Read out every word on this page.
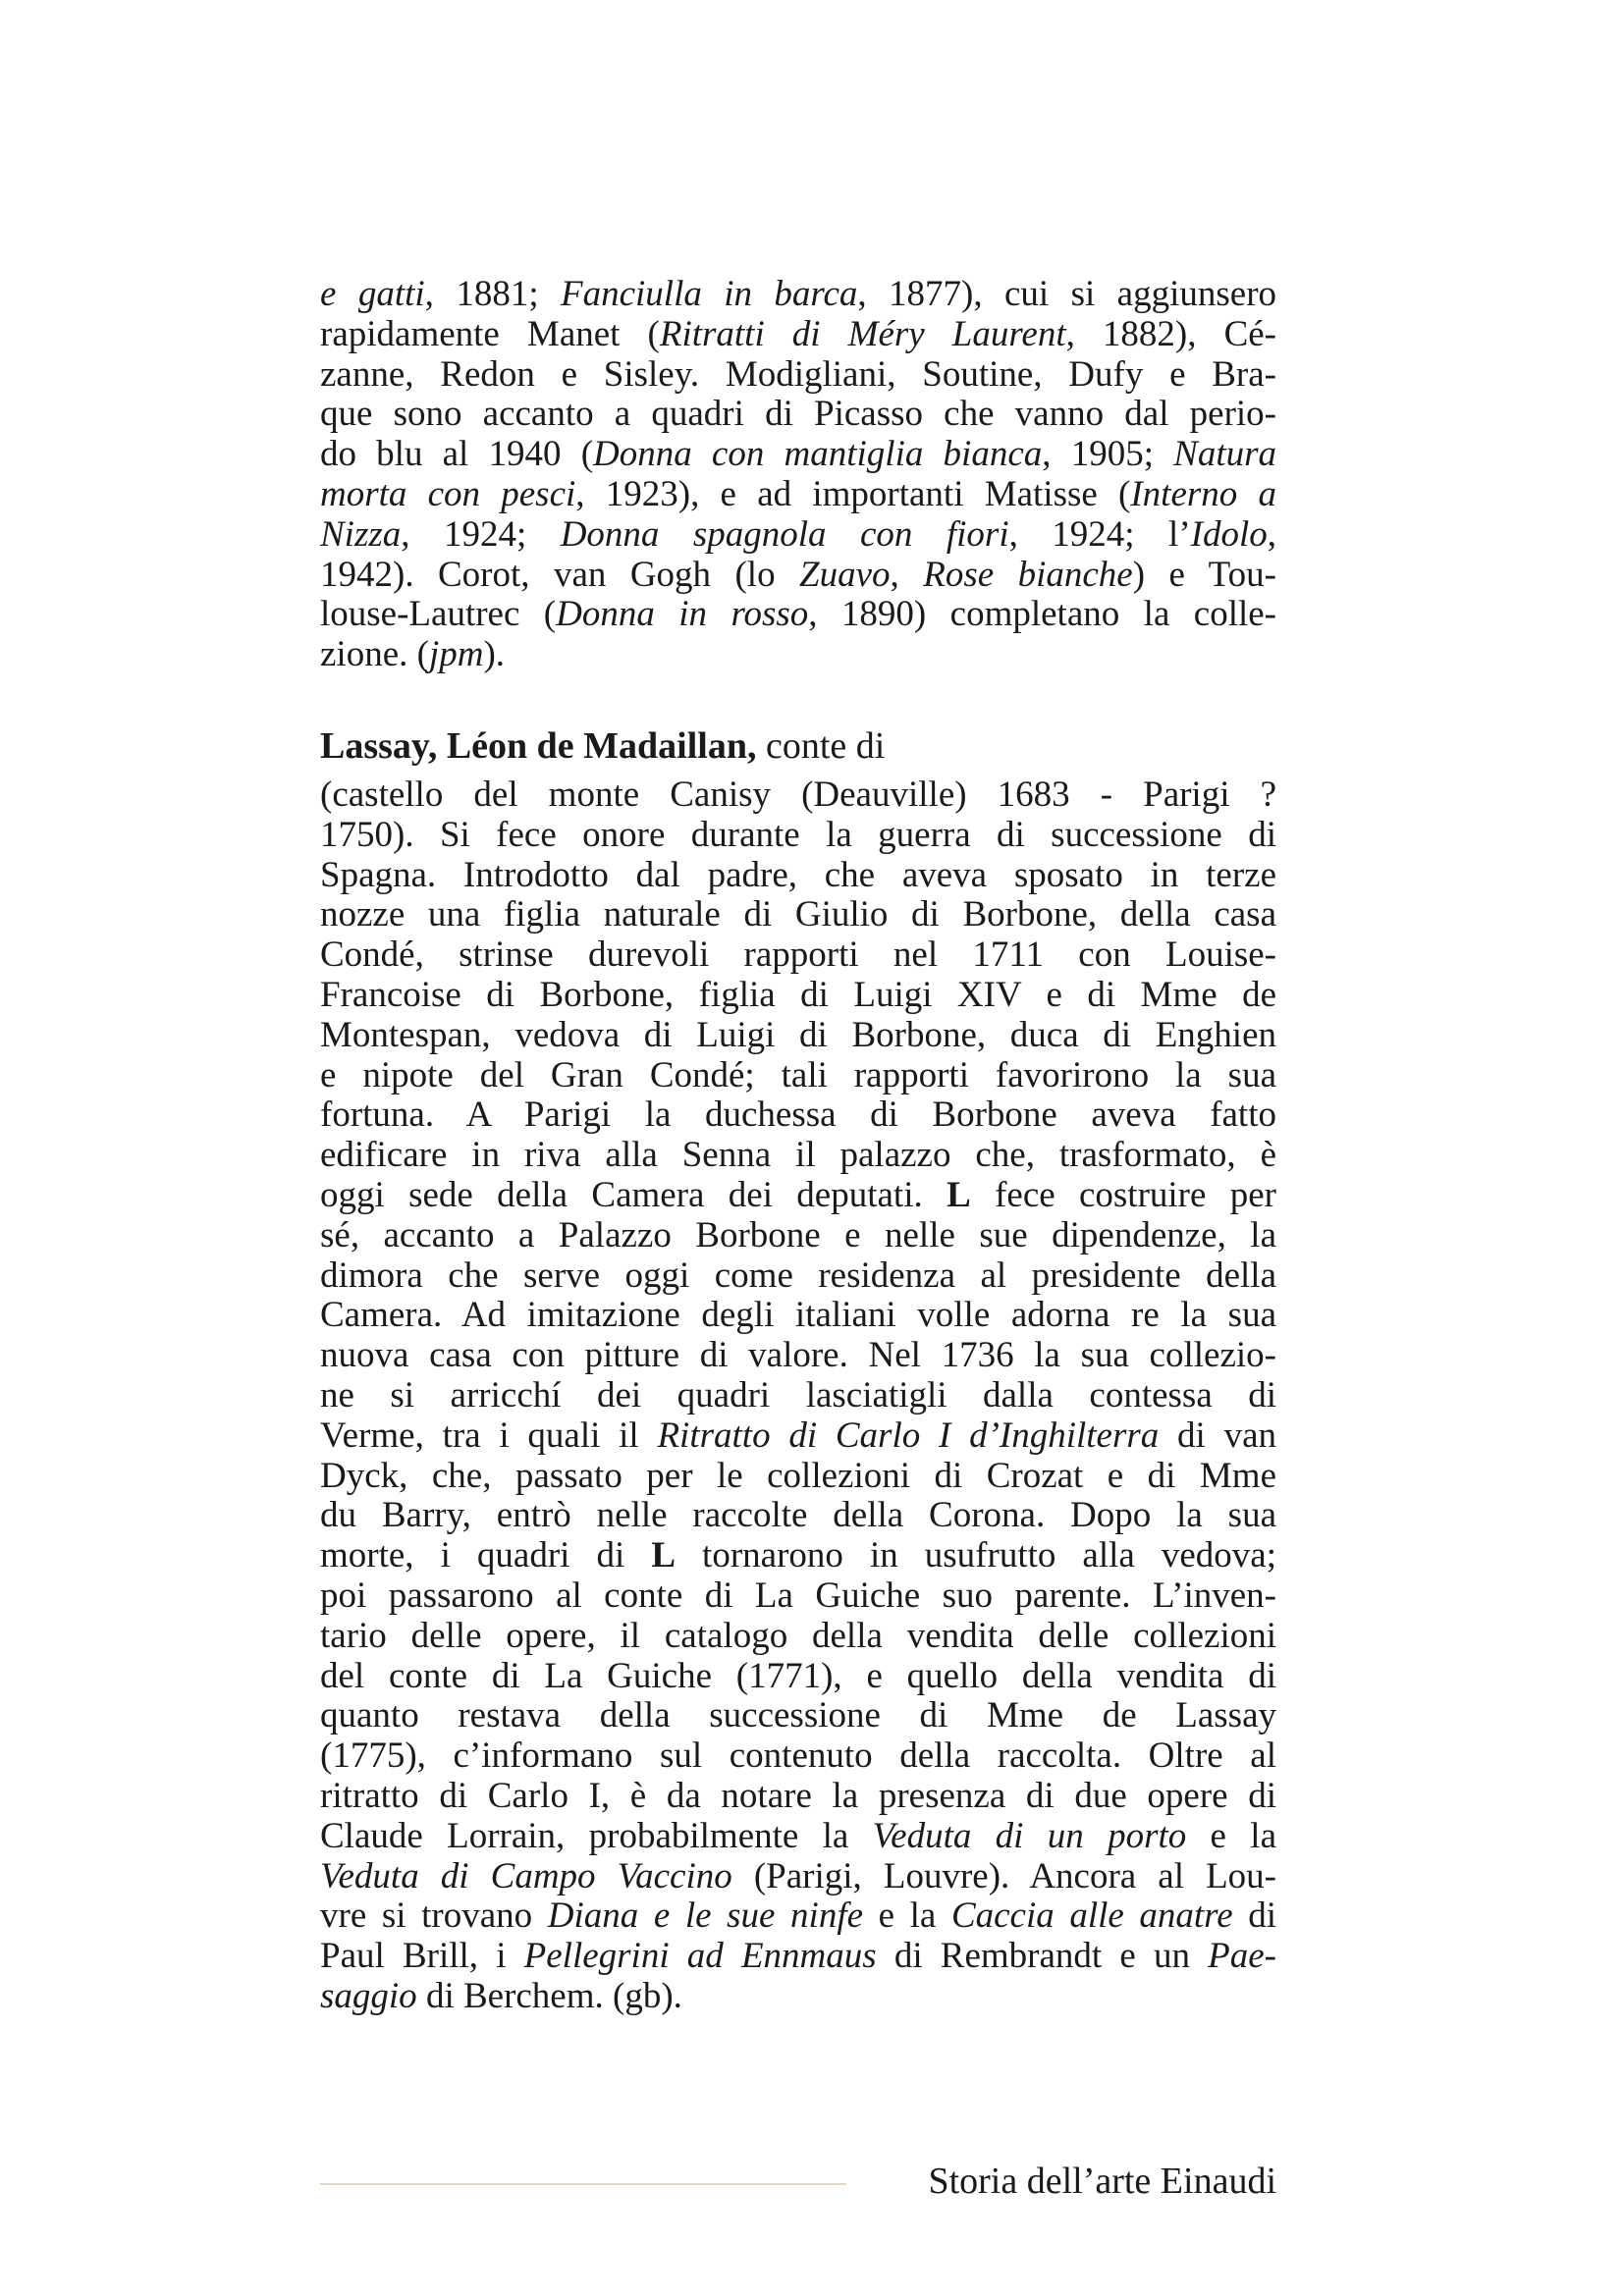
e gatti, 1881; Fanciulla in barca, 1877), cui si aggiunsero
rapidamente Manet (Ritratti di Méry Laurent, 1882), Cé-
zanne, Redon e Sisley. Modigliani, Soutine, Dufy e Bra-
que sono accanto a quadri di Picasso che vanno dal perio-
do blu al 1940 (Donna con mantiglia bianca, 1905; Natura
morta con pesci, 1923), e ad importanti Matisse (Interno a
Nizza, 1924; Donna spagnola con fiori, 1924; l’Idolo,
1942). Corot, van Gogh (lo Zuavo, Rose bianche) e Tou-
louse-Lautrec (Donna in rosso, 1890) completano la colle-
zione. (jpm).
Lassay, Léon de Madaillan, conte di
(castello del monte Canisy (Deauville) 1683 - Parigi ?
1750). Si fece onore durante la guerra di successione di
Spagna. Introdotto dal padre, che aveva sposato in terze
nozze una figlia naturale di Giulio di Borbone, della casa
Condé, strinse durevoli rapporti nel 1711 con Louise-
Francoise di Borbone, figlia di Luigi XIV e di Mme de
Montespan, vedova di Luigi di Borbone, duca di Enghien
e nipote del Gran Condé; tali rapporti favorirono la sua
fortuna. A Parigi la duchessa di Borbone aveva fatto
edificare in riva alla Senna il palazzo che, trasformato, è
oggi sede della Camera dei deputati. L fece costruire per
sé, accanto a Palazzo Borbone e nelle sue dipendenze, la
dimora che serve oggi come residenza al presidente della
Camera. Ad imitazione degli italiani volle adorna re la sua
nuova casa con pitture di valore. Nel 1736 la sua collezio-
ne si arricchí dei quadri lasciatigli dalla contessa di
Verme, tra i quali il Ritratto di Carlo I d’Inghilterra di van
Dyck, che, passato per le collezioni di Crozat e di Mme
du Barry, entrò nelle raccolte della Corona. Dopo la sua
morte, i quadri di L tornarono in usufrutto alla vedova;
poi passarono al conte di La Guiche suo parente. L’inven-
tario delle opere, il catalogo della vendita delle collezioni
del conte di La Guiche (1771), e quello della vendita di
quanto restava della successione di Mme de Lassay
(1775), c’informano sul contenuto della raccolta. Oltre al
ritratto di Carlo I, è da notare la presenza di due opere di
Claude Lorrain, probabilmente la Veduta di un porto e la
Veduta di Campo Vaccino (Parigi, Louvre). Ancora al Lou-
vre si trovano Diana e le sue ninfe e la Caccia alle anatre di
Paul Brill, i Pellegrini ad Ennmaus di Rembrandt e un Pae-
saggio di Berchem. (gb).
Storia dell’arte Einaudi
